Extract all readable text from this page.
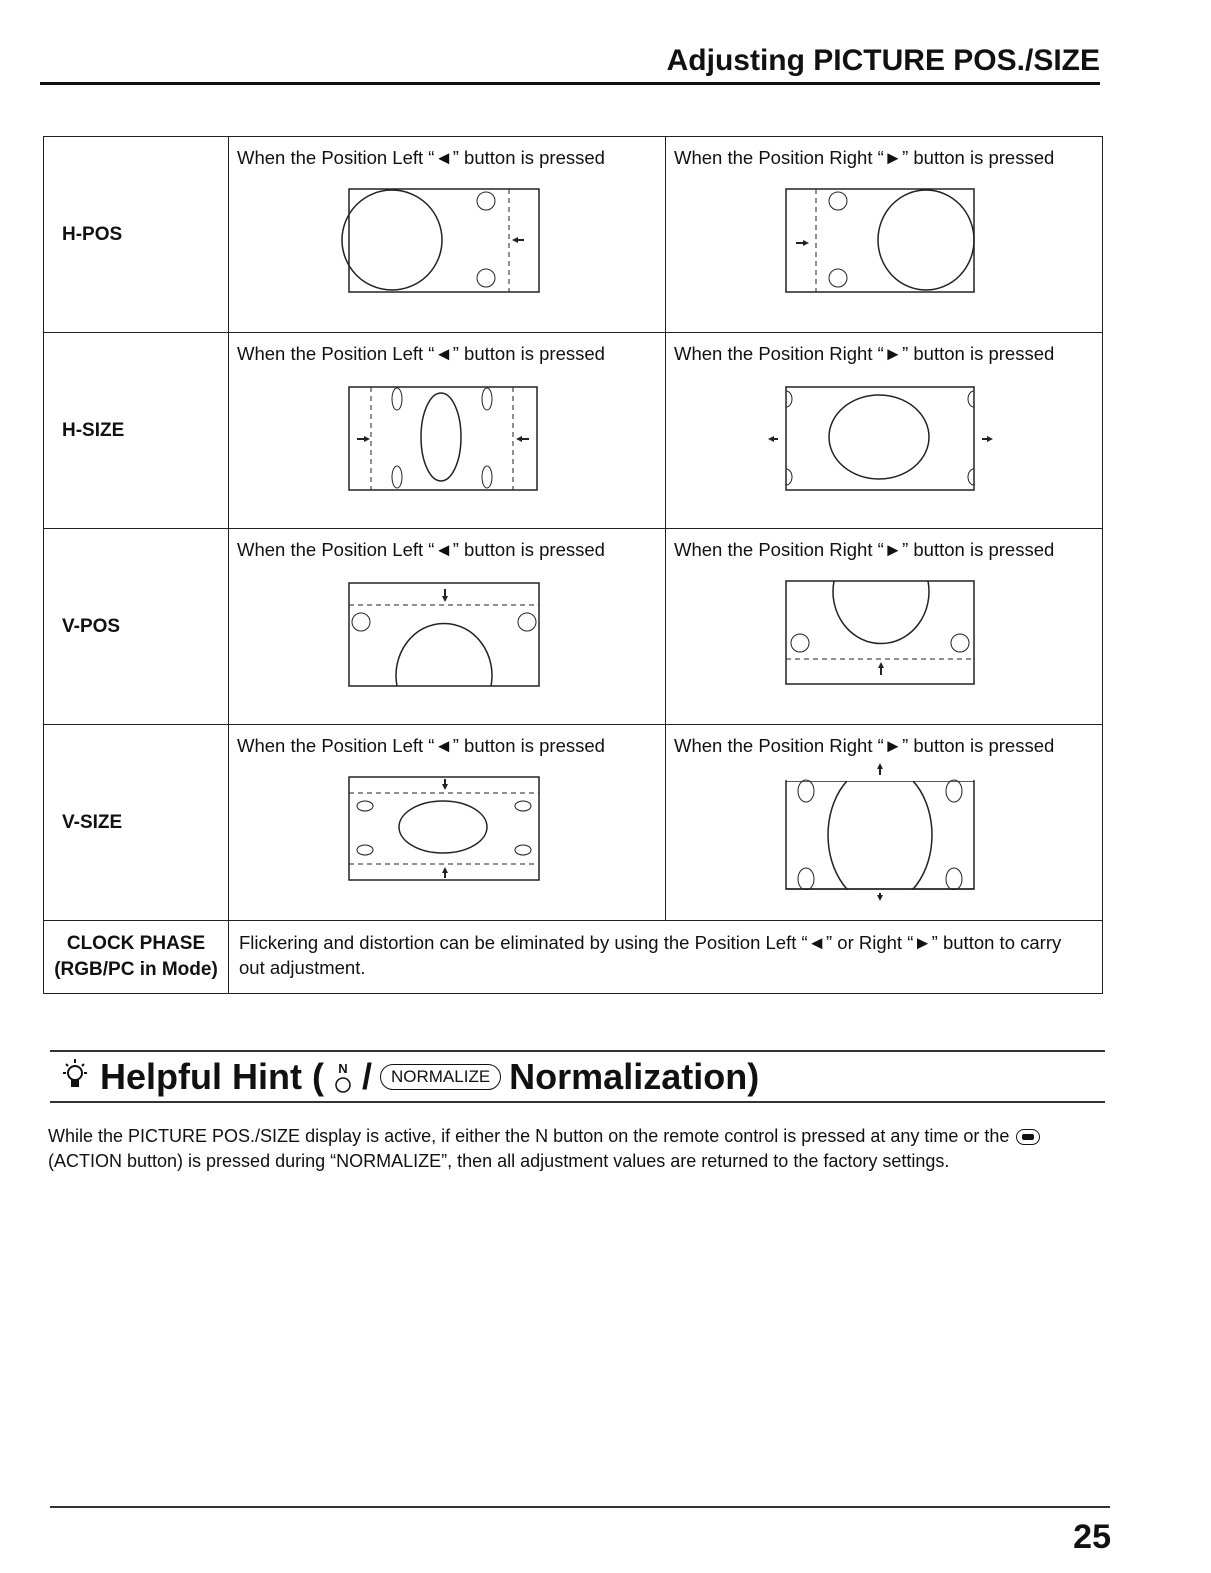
Adjusting PICTURE POS./SIZE
H-POS	When the Position Left “◄” button is pressed	When the Position Right “►” button is pressed

H-SIZE	When the Position Left “◄” button is pressed	When the Position Right “►” button is pressed

V-POS	When the Position Left “◄” button is pressed	When the Position Right “►” button is pressed

V-SIZE	When the Position Left “◄” button is pressed	When the Position Right “►” button is pressed

CLOCK PHASE
(RGB/PC in Mode)	Flickering and distortion can be eliminated by using the Position Left “◄” or Right “►” button to carry out adjustment.	
Helpful Hint ( N /	NORMALIZE Normalization)
While the PICTURE POS./SIZE display is active, if either the N button on the remote control is pressed at any time or the  (ACTION button) is pressed during “NORMALIZE”, then all adjustment values are returned to the factory settings.
25
